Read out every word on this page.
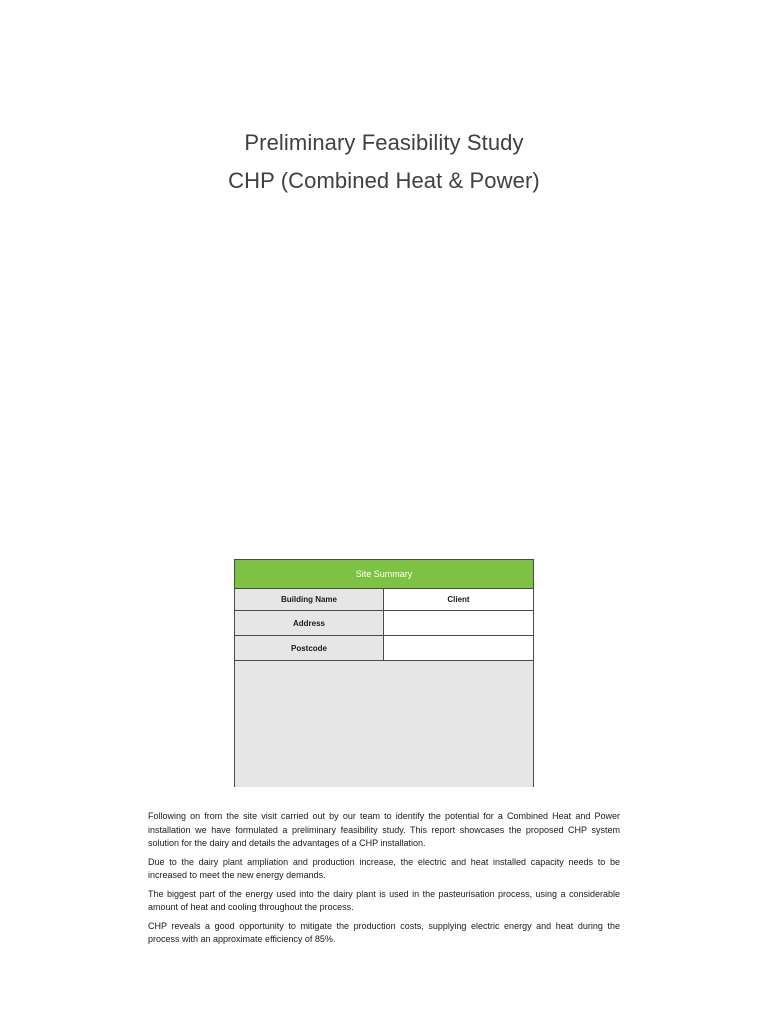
Preliminary Feasibility Study
CHP (Combined Heat & Power)
Site Summary
Building Name	Client
Address
Postcode

Following on from the site visit carried out by our team to identify the potential for a Combined Heat and Power installation we have formulated a preliminary feasibility study. This report showcases the proposed CHP system solution for the dairy and details the advantages of a CHP installation.

Due to the dairy plant ampliation and production increase, the electric and heat installed capacity needs to be increased to meet the new energy demands.

The biggest part of the energy used into the dairy plant is used in the pasteurisation process, using a considerable amount of heat and cooling throughout the process.

CHP reveals a good opportunity to mitigate the production costs, supplying electric energy and heat during the process with an approximate efficiency of 85%.
